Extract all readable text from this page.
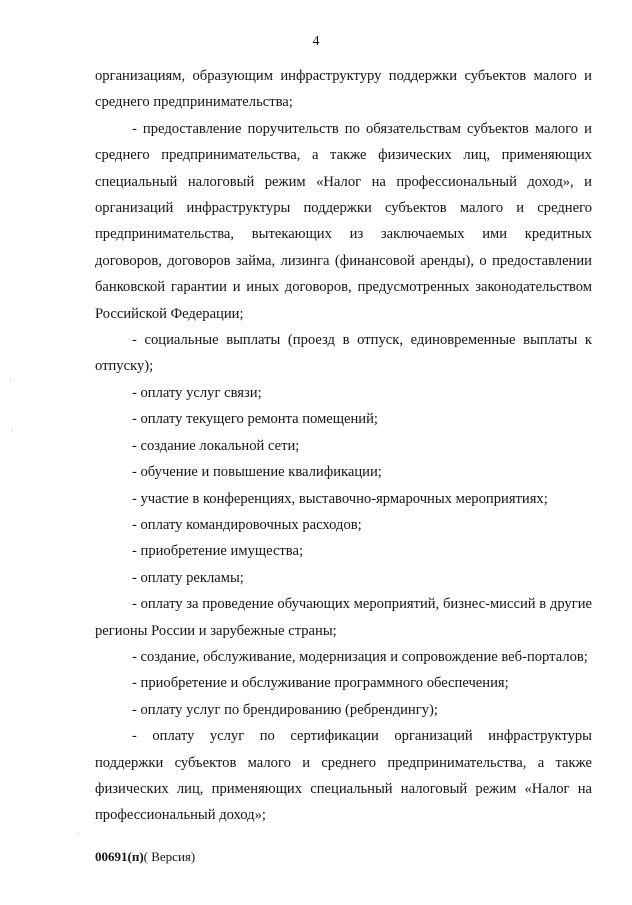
4

организациям, образующим инфраструктуру поддержки субъектов малого и среднего предпринимательства;

- предоставление поручительств по обязательствам субъектов малого и среднего предпринимательства, а также физических лиц, применяющих специальный налоговый режим «Налог на профессиональный доход», и организаций инфраструктуры поддержки субъектов малого и среднего предпринимательства, вытекающих из заключаемых ими кредитных договоров, договоров займа, лизинга (финансовой аренды), о предоставлении банковской гарантии и иных договоров, предусмотренных законодательством Российской Федерации;

- социальные выплаты (проезд в отпуск, единовременные выплаты к отпуску);

- оплату услуг связи;

- оплату текущего ремонта помещений;

- создание локальной сети;

- обучение и повышение квалификации;

- участие в конференциях, выставочно-ярмарочных мероприятиях;

- оплату командировочных расходов;

- приобретение имущества;

- оплату рекламы;

- оплату за проведение обучающих мероприятий, бизнес-миссий в другие регионы России и зарубежные страны;

- создание, обслуживание, модернизация и сопровождение веб-порталов;

- приобретение и обслуживание программного обеспечения;

- оплату услуг по брендированию (ребрендингу);

- оплату услуг по сертификации организаций инфраструктуры поддержки субъектов малого и среднего предпринимательства, а также физических лиц, применяющих специальный налоговый режим «Налог на профессиональный доход»;

00691(п)( Версия)
